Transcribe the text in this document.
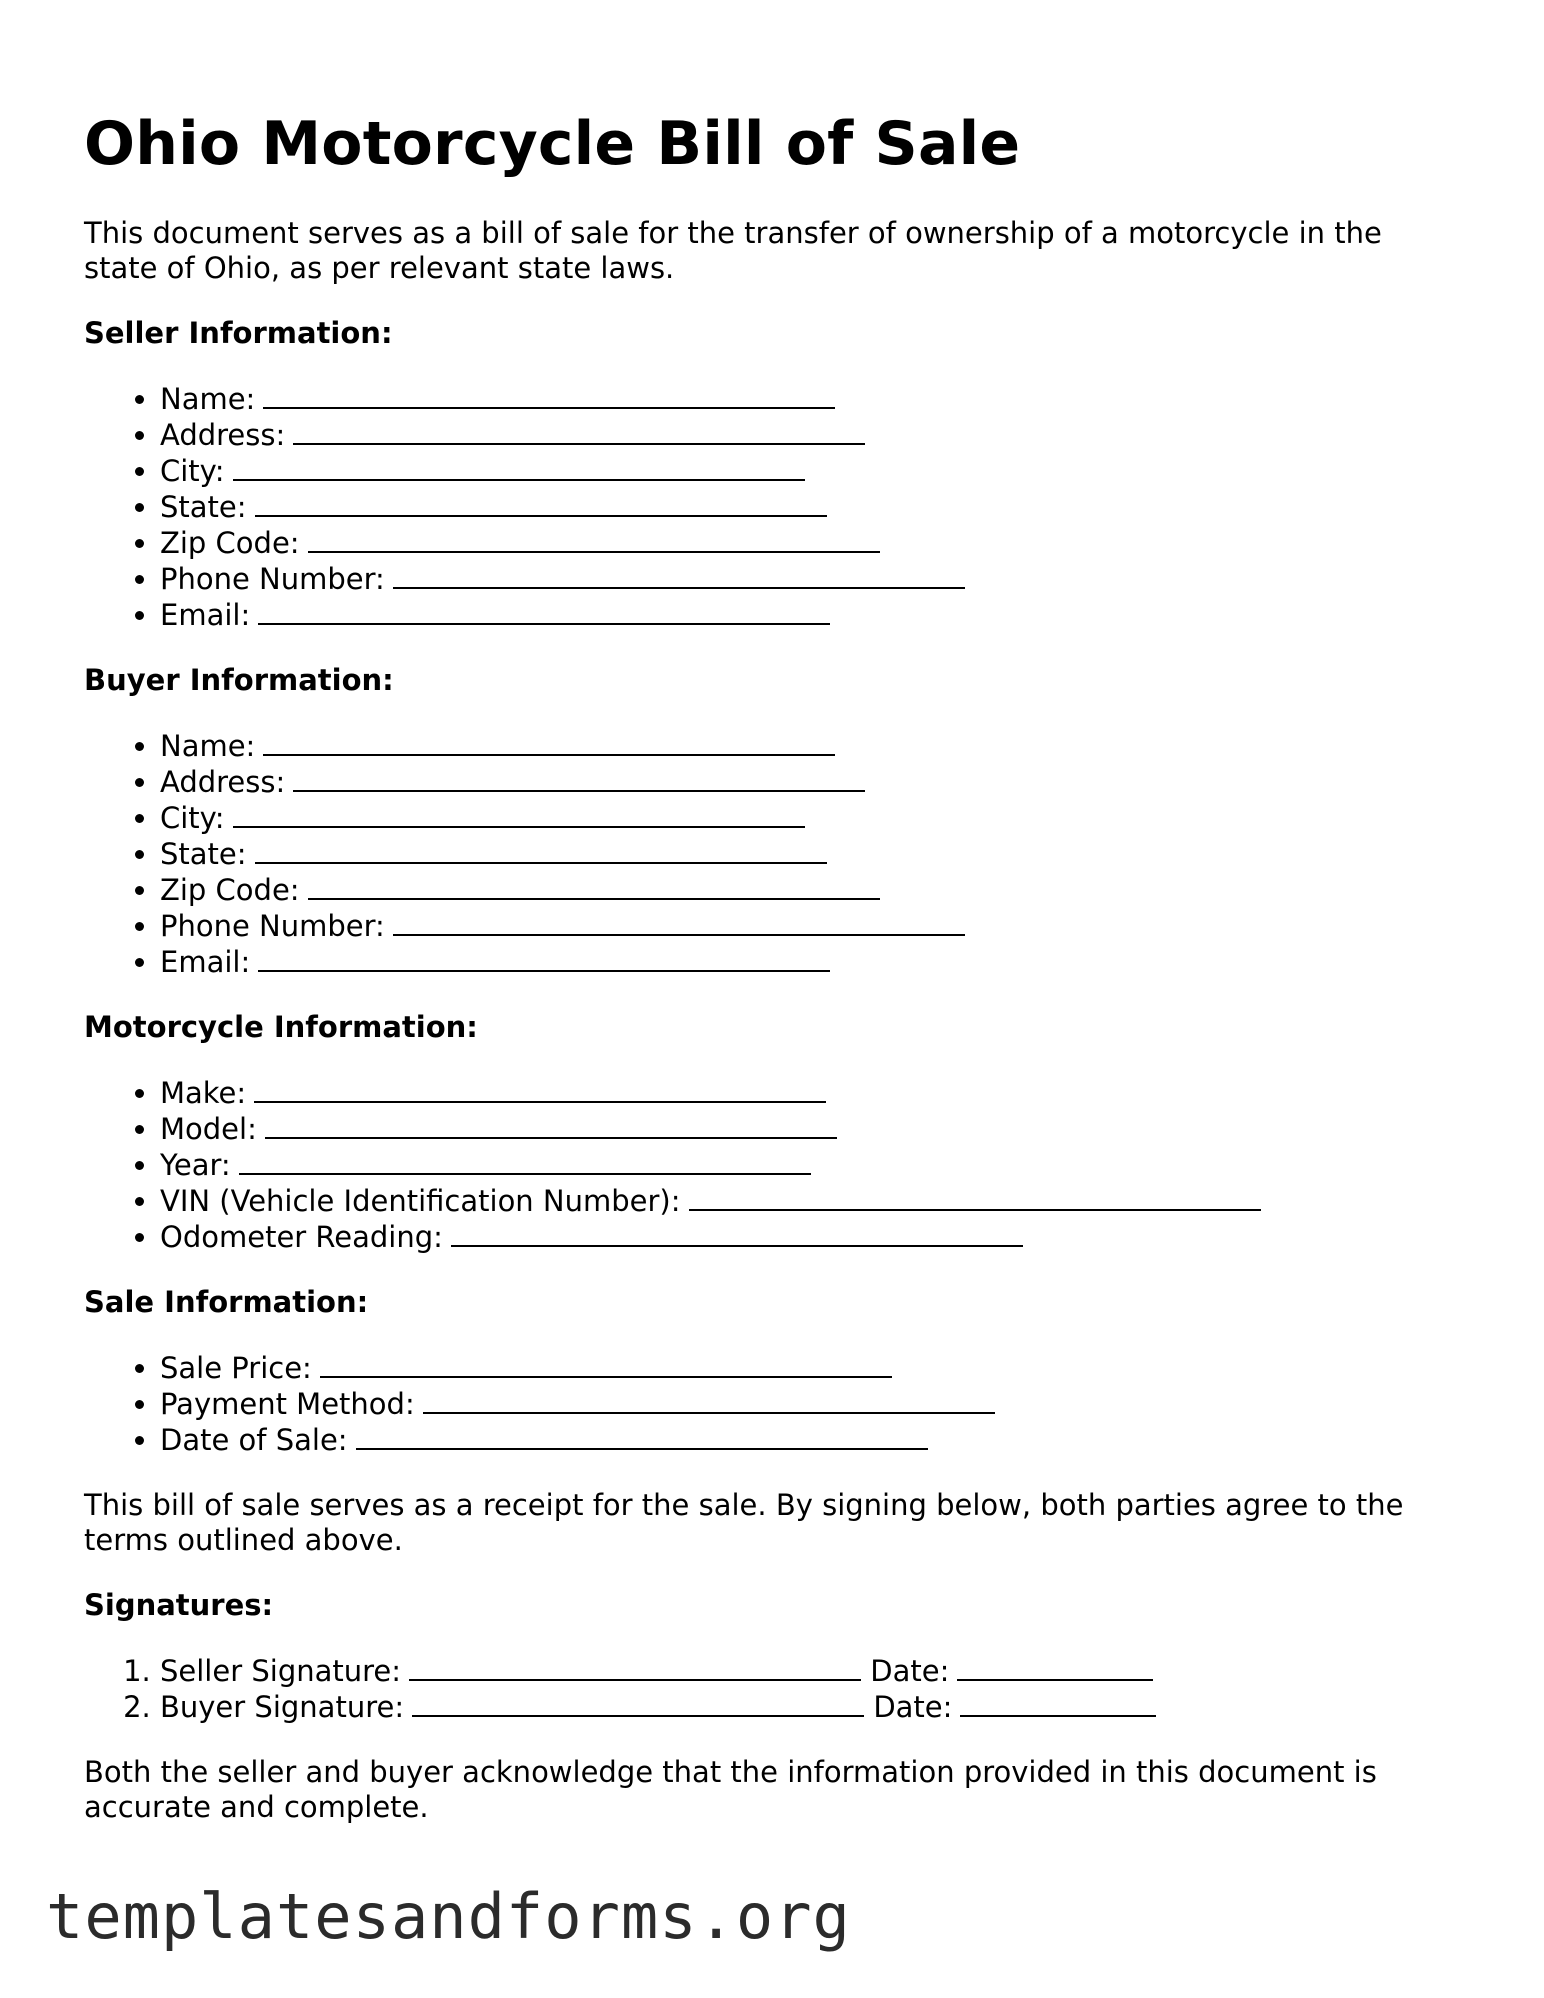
Ohio Motorcycle Bill of Sale

This document serves as a bill of sale for the transfer of ownership of a motorcycle in the state of Ohio, as per relevant state laws.

Seller Information:
• Name:
• Address:
• City:
• State:
• Zip Code:
• Phone Number:
• Email:
Buyer Information:
• Name:
• Address:
• City:
• State:
• Zip Code:
• Phone Number:
• Email:
Motorcycle Information:
• Make:
• Model:
• Year:
• VIN (Vehicle Identification Number):
• Odometer Reading:
Sale Information:
• Sale Price:
• Payment Method:
• Date of Sale:

This bill of sale serves as a receipt for the sale. By signing below, both parties agree to the terms outlined above.

Signatures:
1. Seller Signature:	Date:
2. Buyer Signature:	Date:

Both the seller and buyer acknowledge that the information provided in this document is accurate and complete.

templatesandforms.org
